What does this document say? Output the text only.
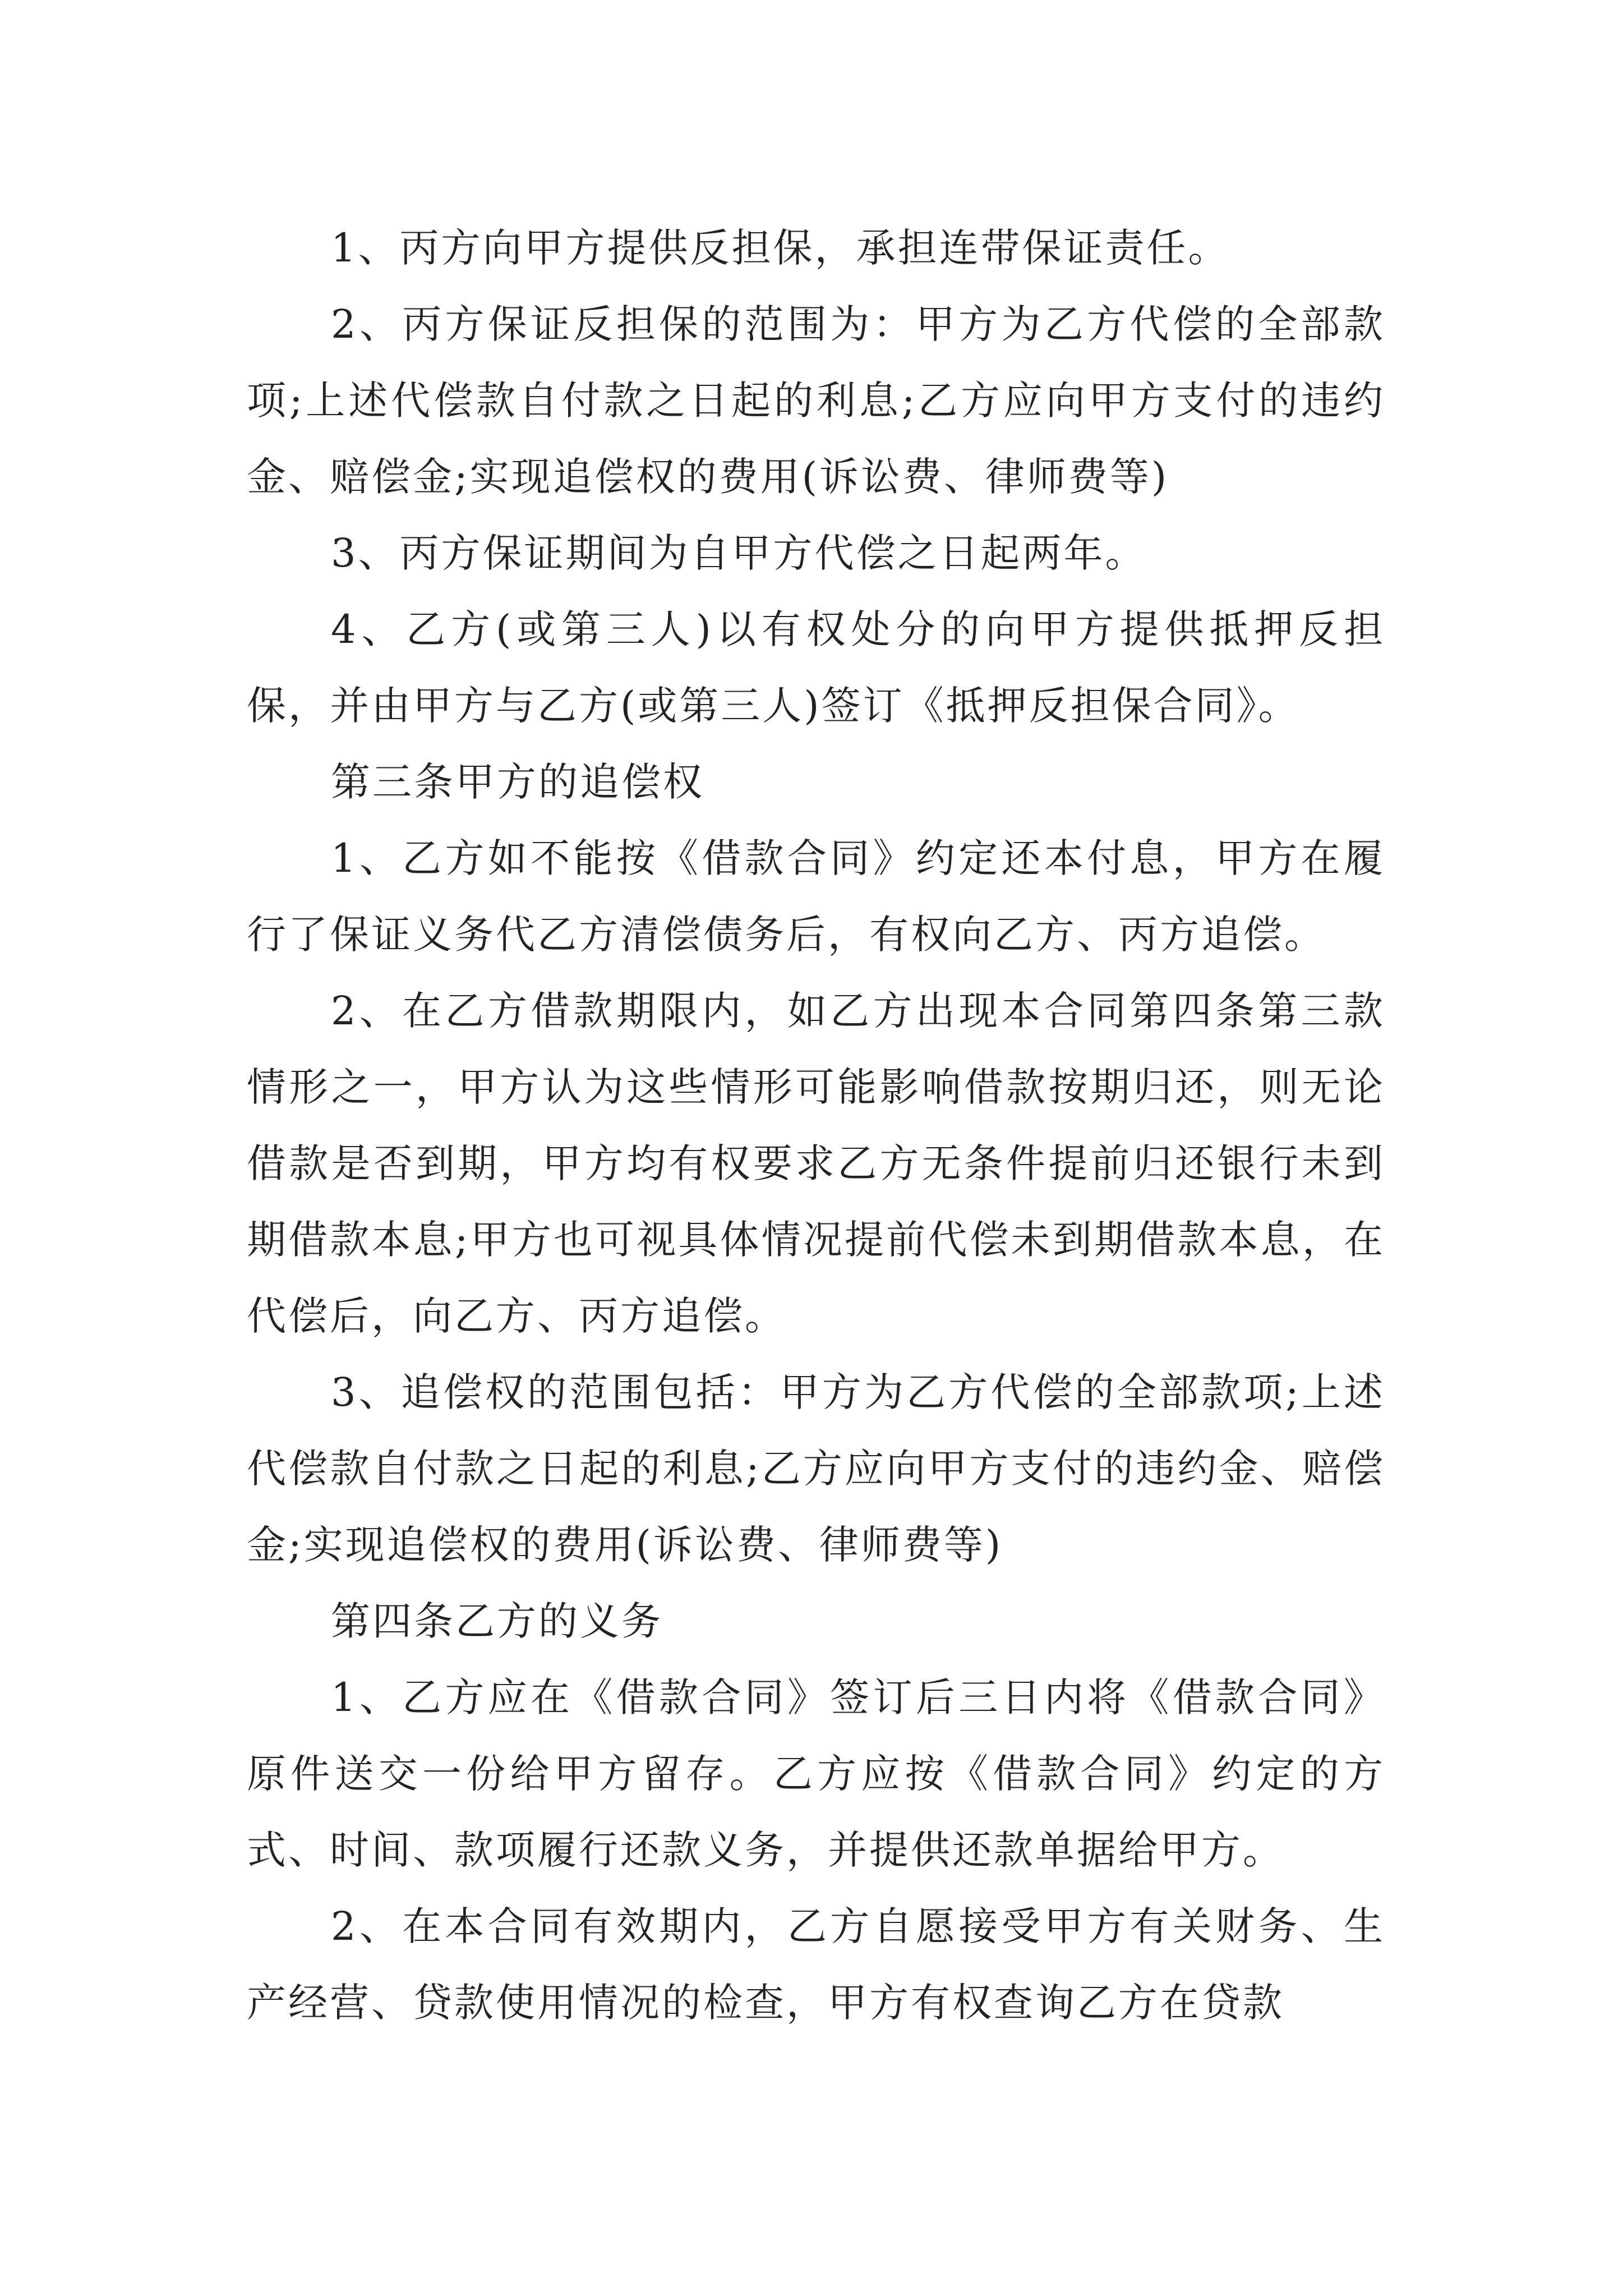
1、丙方向甲方提供反担保，承担连带保证责任。

2、丙方保证反担保的范围为：甲方为乙方代偿的全部款项;上述代偿款自付款之日起的利息;乙方应向甲方支付的违约金、赔偿金;实现追偿权的费用(诉讼费、律师费等)

3、丙方保证期间为自甲方代偿之日起两年。

4、乙方(或第三人)以有权处分的向甲方提供抵押反担保，并由甲方与乙方(或第三人)签订《抵押反担保合同》。

第三条甲方的追偿权

1、乙方如不能按《借款合同》约定还本付息，甲方在履行了保证义务代乙方清偿债务后，有权向乙方、丙方追偿。

2、在乙方借款期限内，如乙方出现本合同第四条第三款情形之一，甲方认为这些情形可能影响借款按期归还，则无论借款是否到期，甲方均有权要求乙方无条件提前归还银行未到期借款本息;甲方也可视具体情况提前代偿未到期借款本息，在代偿后，向乙方、丙方追偿。

3、追偿权的范围包括：甲方为乙方代偿的全部款项;上述代偿款自付款之日起的利息;乙方应向甲方支付的违约金、赔偿金;实现追偿权的费用(诉讼费、律师费等)

第四条乙方的义务

1、乙方应在《借款合同》签订后三日内将《借款合同》原件送交一份给甲方留存。乙方应按《借款合同》约定的方式、时间、款项履行还款义务，并提供还款单据给甲方。

2、在本合同有效期内，乙方自愿接受甲方有关财务、生产经营、贷款使用情况的检查，甲方有权查询乙方在贷款
